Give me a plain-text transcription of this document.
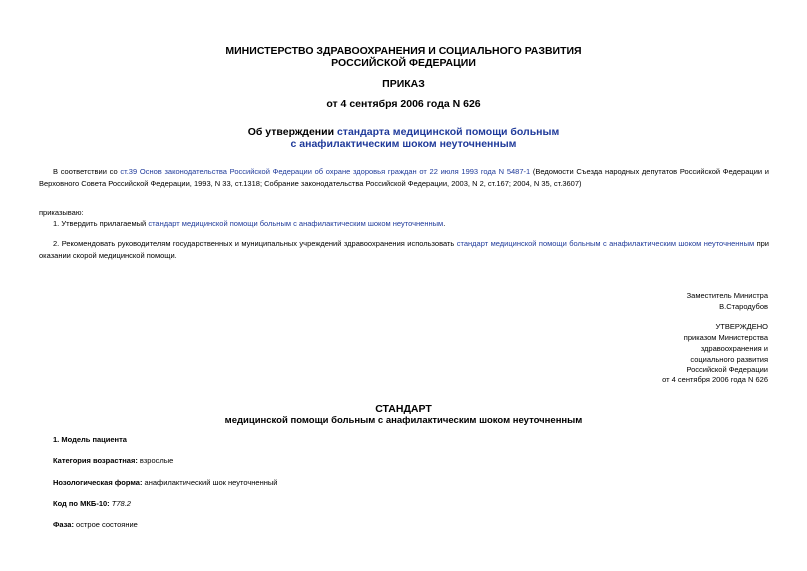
МИНИСТЕРСТВО ЗДРАВООХРАНЕНИЯ И СОЦИАЛЬНОГО РАЗВИТИЯ
РОССИЙСКОЙ ФЕДЕРАЦИИ
ПРИКАЗ
от 4 сентября 2006 года N 626
Об утверждении стандарта медицинской помощи больным
с анафилактическим шоком неуточненным
В соответствии со ст.39 Основ законодательства Российской Федерации об охране здоровья граждан от 22 июля 1993 года N 5487-1 (Ведомости Съезда народных депутатов Российской Федерации и Верховного Совета Российской Федерации, 1993, N 33, ст.1318; Собрание законодательства Российской Федерации, 2003, N 2, ст.167; 2004, N 35, ст.3607)
приказываю:
1. Утвердить прилагаемый стандарт медицинской помощи больным с анафилактическим шоком неуточненным.
2. Рекомендовать руководителям государственных и муниципальных учреждений здравоохранения использовать стандарт медицинской помощи больным с анафилактическим шоком неуточненным при оказании скорой медицинской помощи.
Заместитель Министра
В.Стародубов
УТВЕРЖДЕНО
приказом Министерства
здравоохранения и
социального развития
Российской Федерации
от 4 сентября 2006 года N 626
СТАНДАРТ
медицинской помощи больным с анафилактическим шоком неуточненным
1. Модель пациента
Категория возрастная: взрослые
Нозологическая форма: анафилактический шок неуточненный
Код по МКБ-10: T78.2
Фаза: острое состояние
